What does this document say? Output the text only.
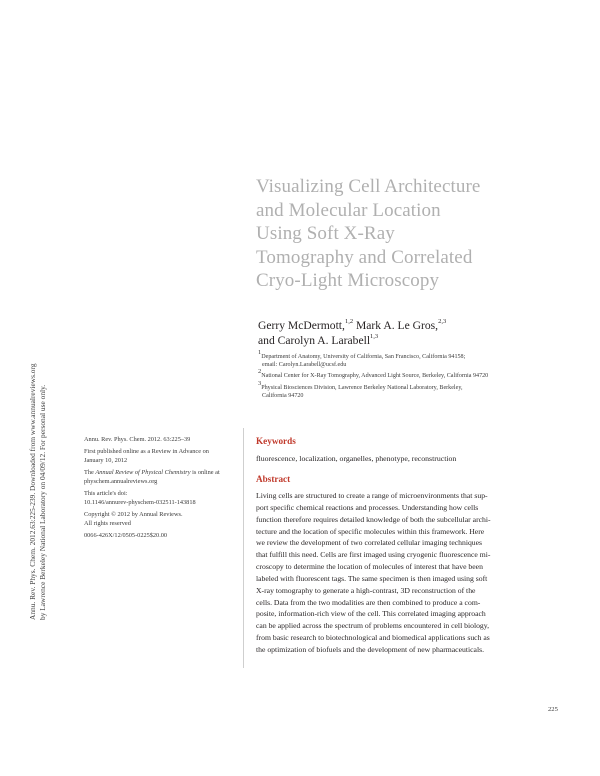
Annu. Rev. Phys. Chem. 2012.63:225-239. Downloaded from www.annualreviews.org by Lawrence Berkeley National Laboratory on 04/09/12. For personal use only.
Visualizing Cell Architecture
and Molecular Location
Using Soft X-Ray
Tomography and Correlated
Cryo-Light Microscopy
Gerry McDermott,$^{1,2}$ Mark A. Le Gros,$^{2,3}$
and Carolyn A. Larabell$^{1,3}$

$^1$Department of Anatomy, University of California, San Francisco, California 94158;
email: Carolyn.Larabell@ucsf.edu

$^2$National Center for X-Ray Tomography, Advanced Light Source, Berkeley, California 94720

$^3$Physical Biosciences Division, Lawrence Berkeley National Laboratory, Berkeley,
California 94720

Annu. Rev. Phys. Chem. 2012. 63:225–39

First published online as a Review in Advance on
January 10, 2012

The Annual Review of Physical Chemistry is online at
physchem.annualreviews.org

This article's doi:
10.1146/annurev-physchem-032511-143818

Copyright © 2012 by Annual Reviews.
All rights reserved

0066-426X/12/0505-0225$20.00

Keywords
fluorescence, localization, organelles, phenotype, reconstruction
Abstract
Living cells are structured to create a range of microenvironments that sup-
port specific chemical reactions and processes. Understanding how cells
function therefore requires detailed knowledge of both the subcellular archi-
tecture and the location of specific molecules within this framework. Here
we review the development of two correlated cellular imaging techniques
that fulfill this need. Cells are first imaged using cryogenic fluorescence mi-
croscopy to determine the location of molecules of interest that have been
labeled with fluorescent tags. The same specimen is then imaged using soft
X-ray tomography to generate a high-contrast, 3D reconstruction of the
cells. Data from the two modalities are then combined to produce a com-
posite, information-rich view of the cell. This correlated imaging approach
can be applied across the spectrum of problems encountered in cell biology,
from basic research to biotechnological and biomedical applications such as
the optimization of biofuels and the development of new pharmaceuticals.
225
